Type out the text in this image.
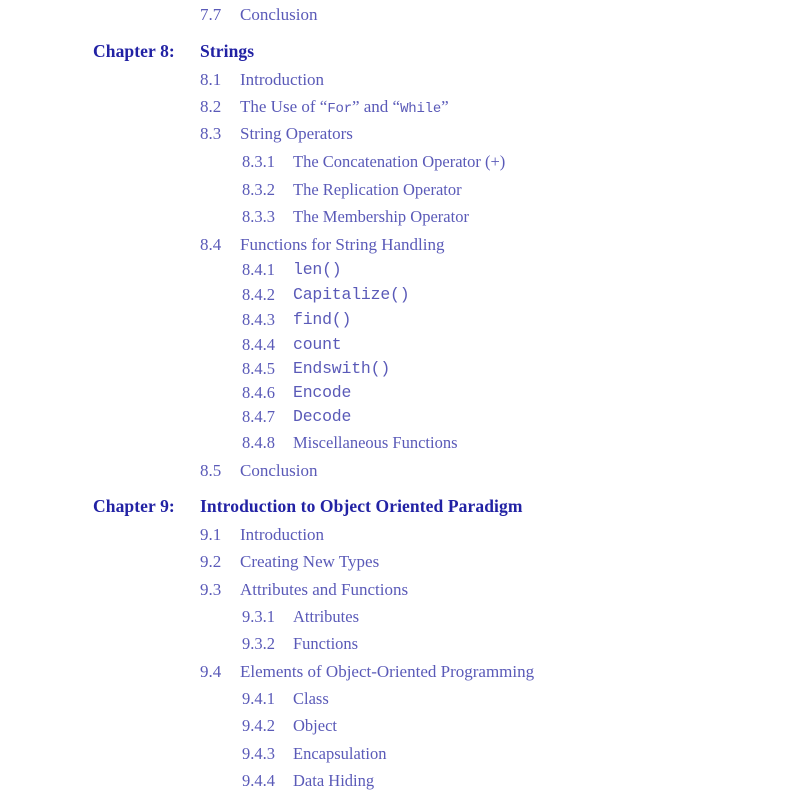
7.7 Conclusion
Chapter 8: Strings
8.1 Introduction
8.2 The Use of “For” and “While”
8.3 String Operators
8.3.1 The Concatenation Operator (+)
8.3.2 The Replication Operator
8.3.3 The Membership Operator
8.4 Functions for String Handling
8.4.1 len()
8.4.2 Capitalize()
8.4.3 find()
8.4.4 count
8.4.5 Endswith()
8.4.6 Encode
8.4.7 Decode
8.4.8 Miscellaneous Functions
8.5 Conclusion
Chapter 9: Introduction to Object Oriented Paradigm
9.1 Introduction
9.2 Creating New Types
9.3 Attributes and Functions
9.3.1 Attributes
9.3.2 Functions
9.4 Elements of Object-Oriented Programming
9.4.1 Class
9.4.2 Object
9.4.3 Encapsulation
9.4.4 Data Hiding
